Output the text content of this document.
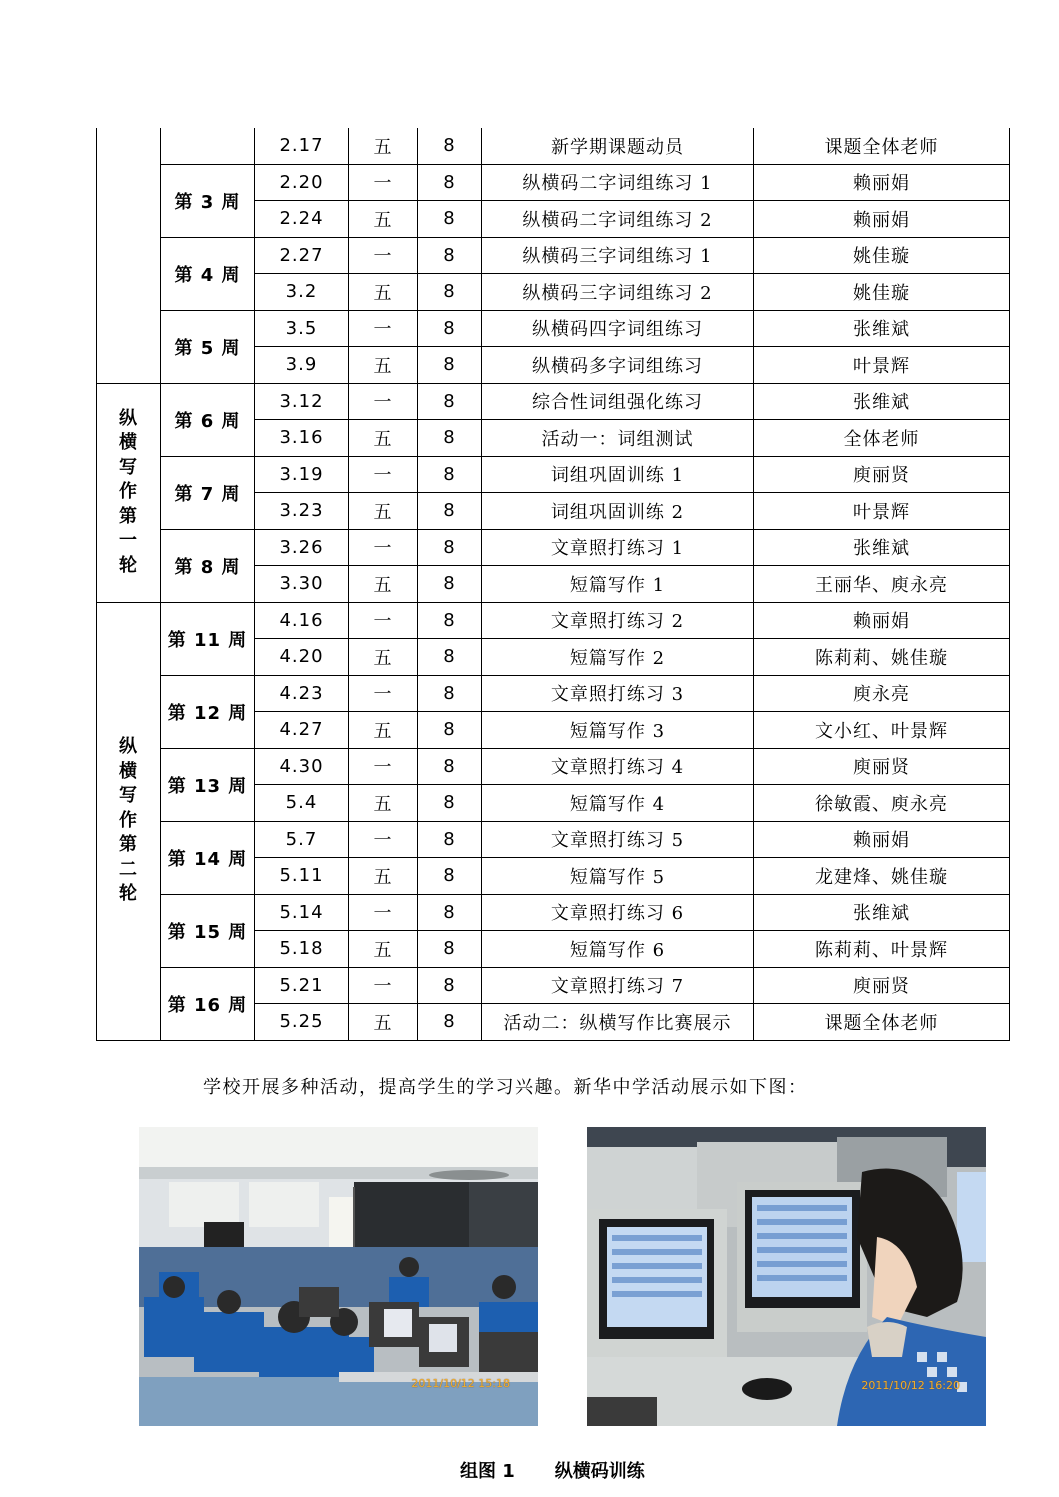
		2.17	五	8	新学期课题动员	课题全体老师
	第 3 周	2.20	一	8	纵横码二字词组练习 1	赖丽娟
		2.24	五	8	纵横码二字词组练习 2	赖丽娟
	第 4 周	2.27	一	8	纵横码三字词组练习 1	姚佳璇
		3.2	五	8	纵横码三字词组练习 2	姚佳璇
	第 5 周	3.5	一	8	纵横码四字词组练习	张维斌
		3.9	五	8	纵横码多字词组练习	叶景辉
纵横写作第一轮	第 6 周	3.12	一	8	综合性词组强化练习	张维斌
		3.16	五	8	活动一：词组测试	全体老师
	第 7 周	3.19	一	8	词组巩固训练 1	庾丽贤
		3.23	五	8	词组巩固训练 2	叶景辉
	第 8 周	3.26	一	8	文章照打练习 1	张维斌
		3.30	五	8	短篇写作 1	王丽华、庾永亮
纵横写作第二轮	第 11 周	4.16	一	8	文章照打练习 2	赖丽娟
		4.20	五	8	短篇写作 2	陈莉莉、姚佳璇
	第 12 周	4.23	一	8	文章照打练习 3	庾永亮
		4.27	五	8	短篇写作 3	文小红、叶景辉
	第 13 周	4.30	一	8	文章照打练习 4	庾丽贤
		5.4	五	8	短篇写作 4	徐敏霞、庾永亮
	第 14 周	5.7	一	8	文章照打练习 5	赖丽娟
		5.11	五	8	短篇写作 5	龙建烽、姚佳璇
	第 15 周	5.14	一	8	文章照打练习 6	张维斌
		5.18	五	8	短篇写作 6	陈莉莉、叶景辉
	第 16 周	5.21	一	8	文章照打练习 7	庾丽贤
		5.25	五	8	活动二：纵横写作比赛展示	课题全体老师
学校开展多种活动，提高学生的学习兴趣。新华中学活动展示如下图：
2011/10/12 15:18	2011/10/12 16:20
组图 1 纵横码训练
